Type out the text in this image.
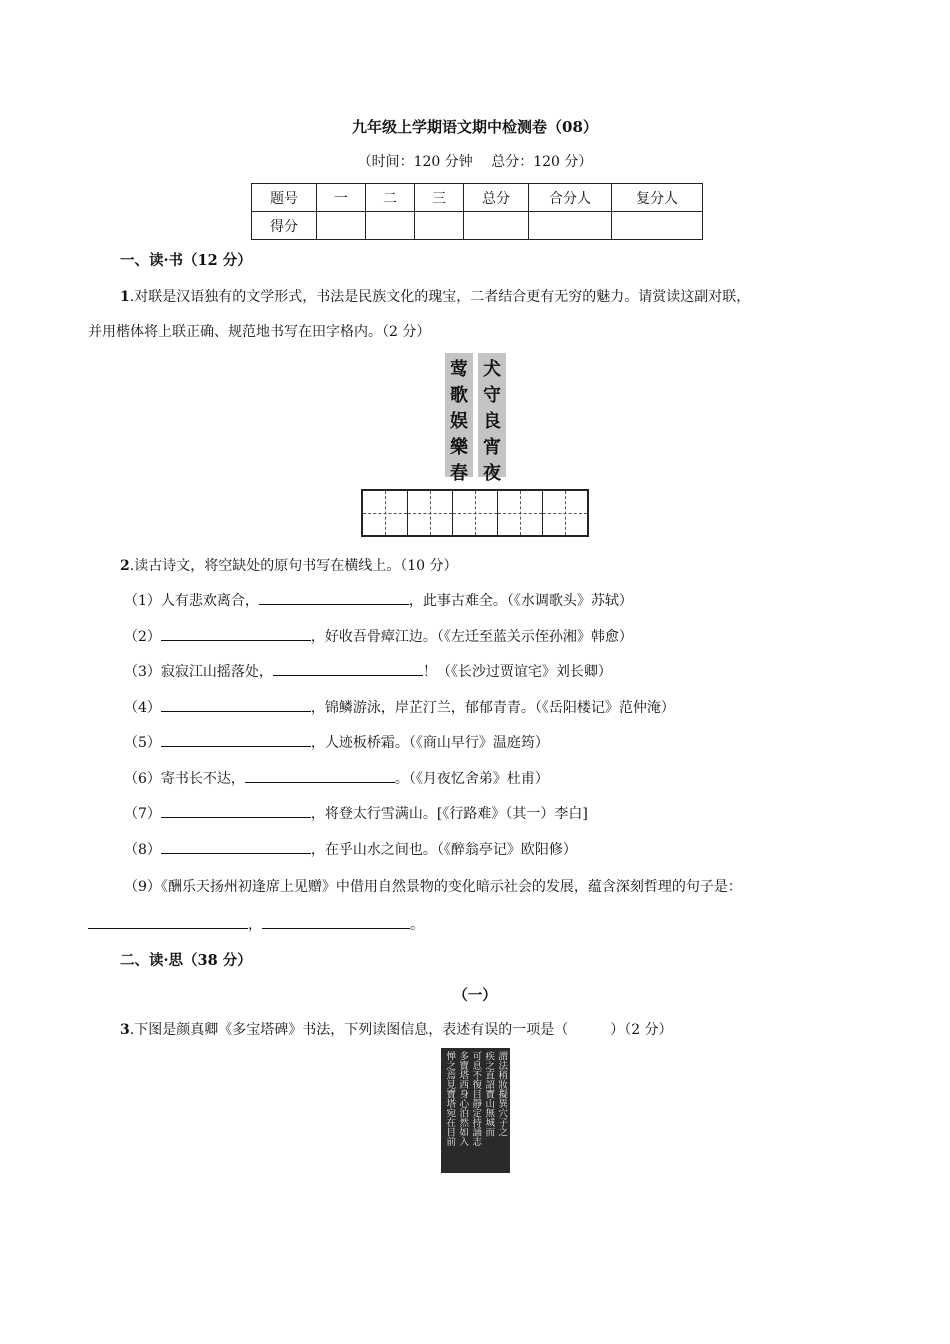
九年级上学期语文期中检测卷（08）
（时间：120 分钟　 总分：120 分）
题号	一	二	三	总分	合分人	复分人
得分						
一、读·书（12 分）
1.对联是汉语独有的文学形式，书法是民族文化的瑰宝，二者结合更有无穷的魅力。请赏读这副对联，
并用楷体将上联正确、规范地书写在田字格内。（2 分）
莺
歌
娱
樂
春
犬
守
良
宵
夜
2.读古诗文，将空缺处的原句书写在横线上。（10 分）
（1）人有悲欢离合，	，此事古难全。（《水调歌头》苏轼）
（2）	，好收吾骨瘴江边。（《左迁至蓝关示侄孙湘》韩愈）
（3）寂寂江山摇落处，	！（《长沙过贾谊宅》刘长卿）
（4）	，锦鳞游泳，岸芷汀兰，郁郁青青。（《岳阳楼记》范仲淹）
（5）	，人迹板桥霜。（《商山早行》温庭筠）
（6）寄书长不达，	。（《月夜忆舍弟》杜甫）
（7）	，将登太行雪满山。[《行路难》（其一）李白]
（8）	，在乎山水之间也。（《醉翁亭记》欧阳修）
（9）《酬乐天扬州初逢席上见赠》中借用自然景物的变化暗示社会的发展，蕴含深刻哲理的句子是：
，	。
二、读·思（38 分）
（一）
3.下图是颜真卿《多宝塔碑》书法，下列读图信息，表述有误的一项是（　　　）（2 分）
謂法稍妝擬異穴子之
疾之直詔寶山無城而
可息不復目靜定持誦志
多寶塔西身心泊然如入
惮之焉見寶塔宛在目前
